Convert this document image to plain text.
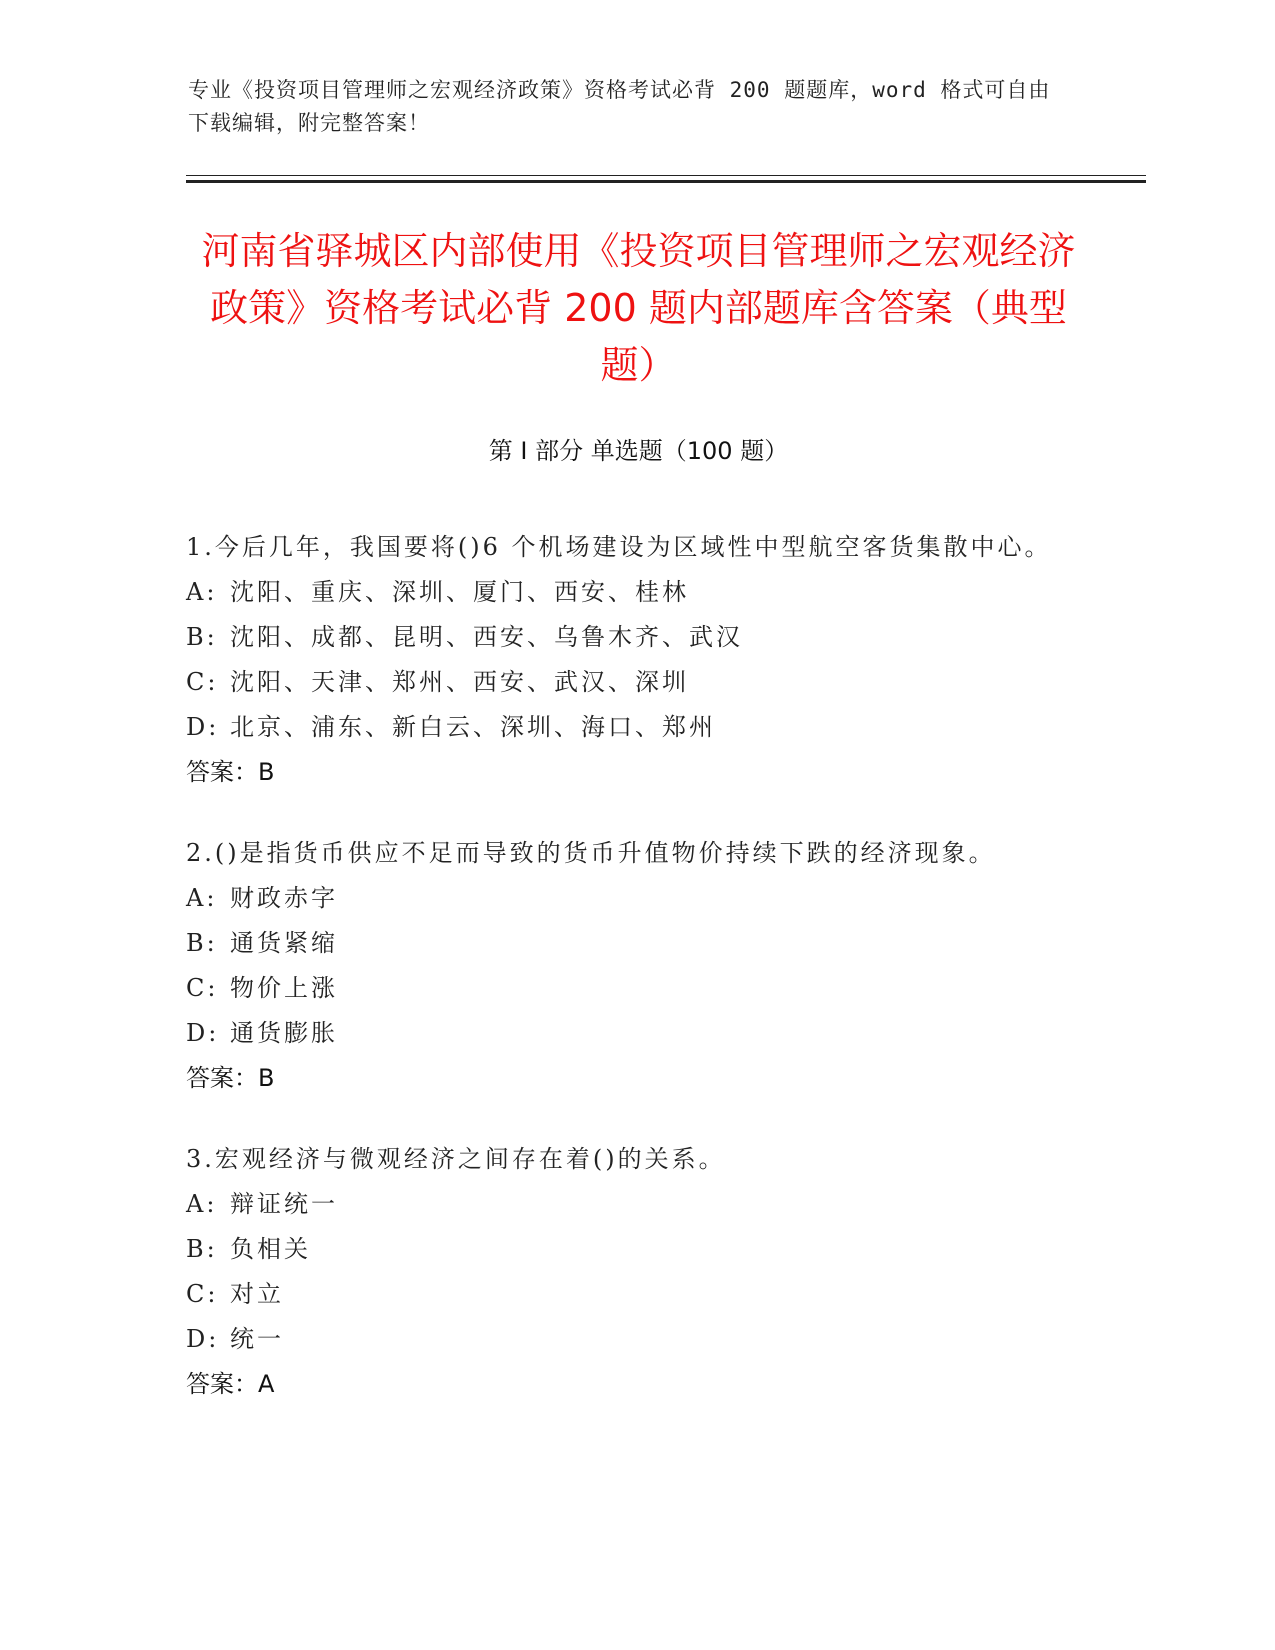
专业《投资项目管理师之宏观经济政策》资格考试必背 200 题题库，word 格式可自由下载编辑，附完整答案！
河南省驿城区内部使用《投资项目管理师之宏观经济政策》资格考试必背 200 题内部题库含答案（典型题）
第 I 部分 单选题（100 题）
1.今后几年，我国要将()6 个机场建设为区域性中型航空客货集散中心。
A: 沈阳、重庆、深圳、厦门、西安、桂林
B: 沈阳、成都、昆明、西安、乌鲁木齐、武汉
C: 沈阳、天津、郑州、西安、武汉、深圳
D: 北京、浦东、新白云、深圳、海口、郑州
答案：B
2.()是指货币供应不足而导致的货币升值物价持续下跌的经济现象。
A: 财政赤字
B: 通货紧缩
C: 物价上涨
D: 通货膨胀
答案：B
3.宏观经济与微观经济之间存在着()的关系。
A: 辩证统一
B: 负相关
C: 对立
D: 统一
答案：A
